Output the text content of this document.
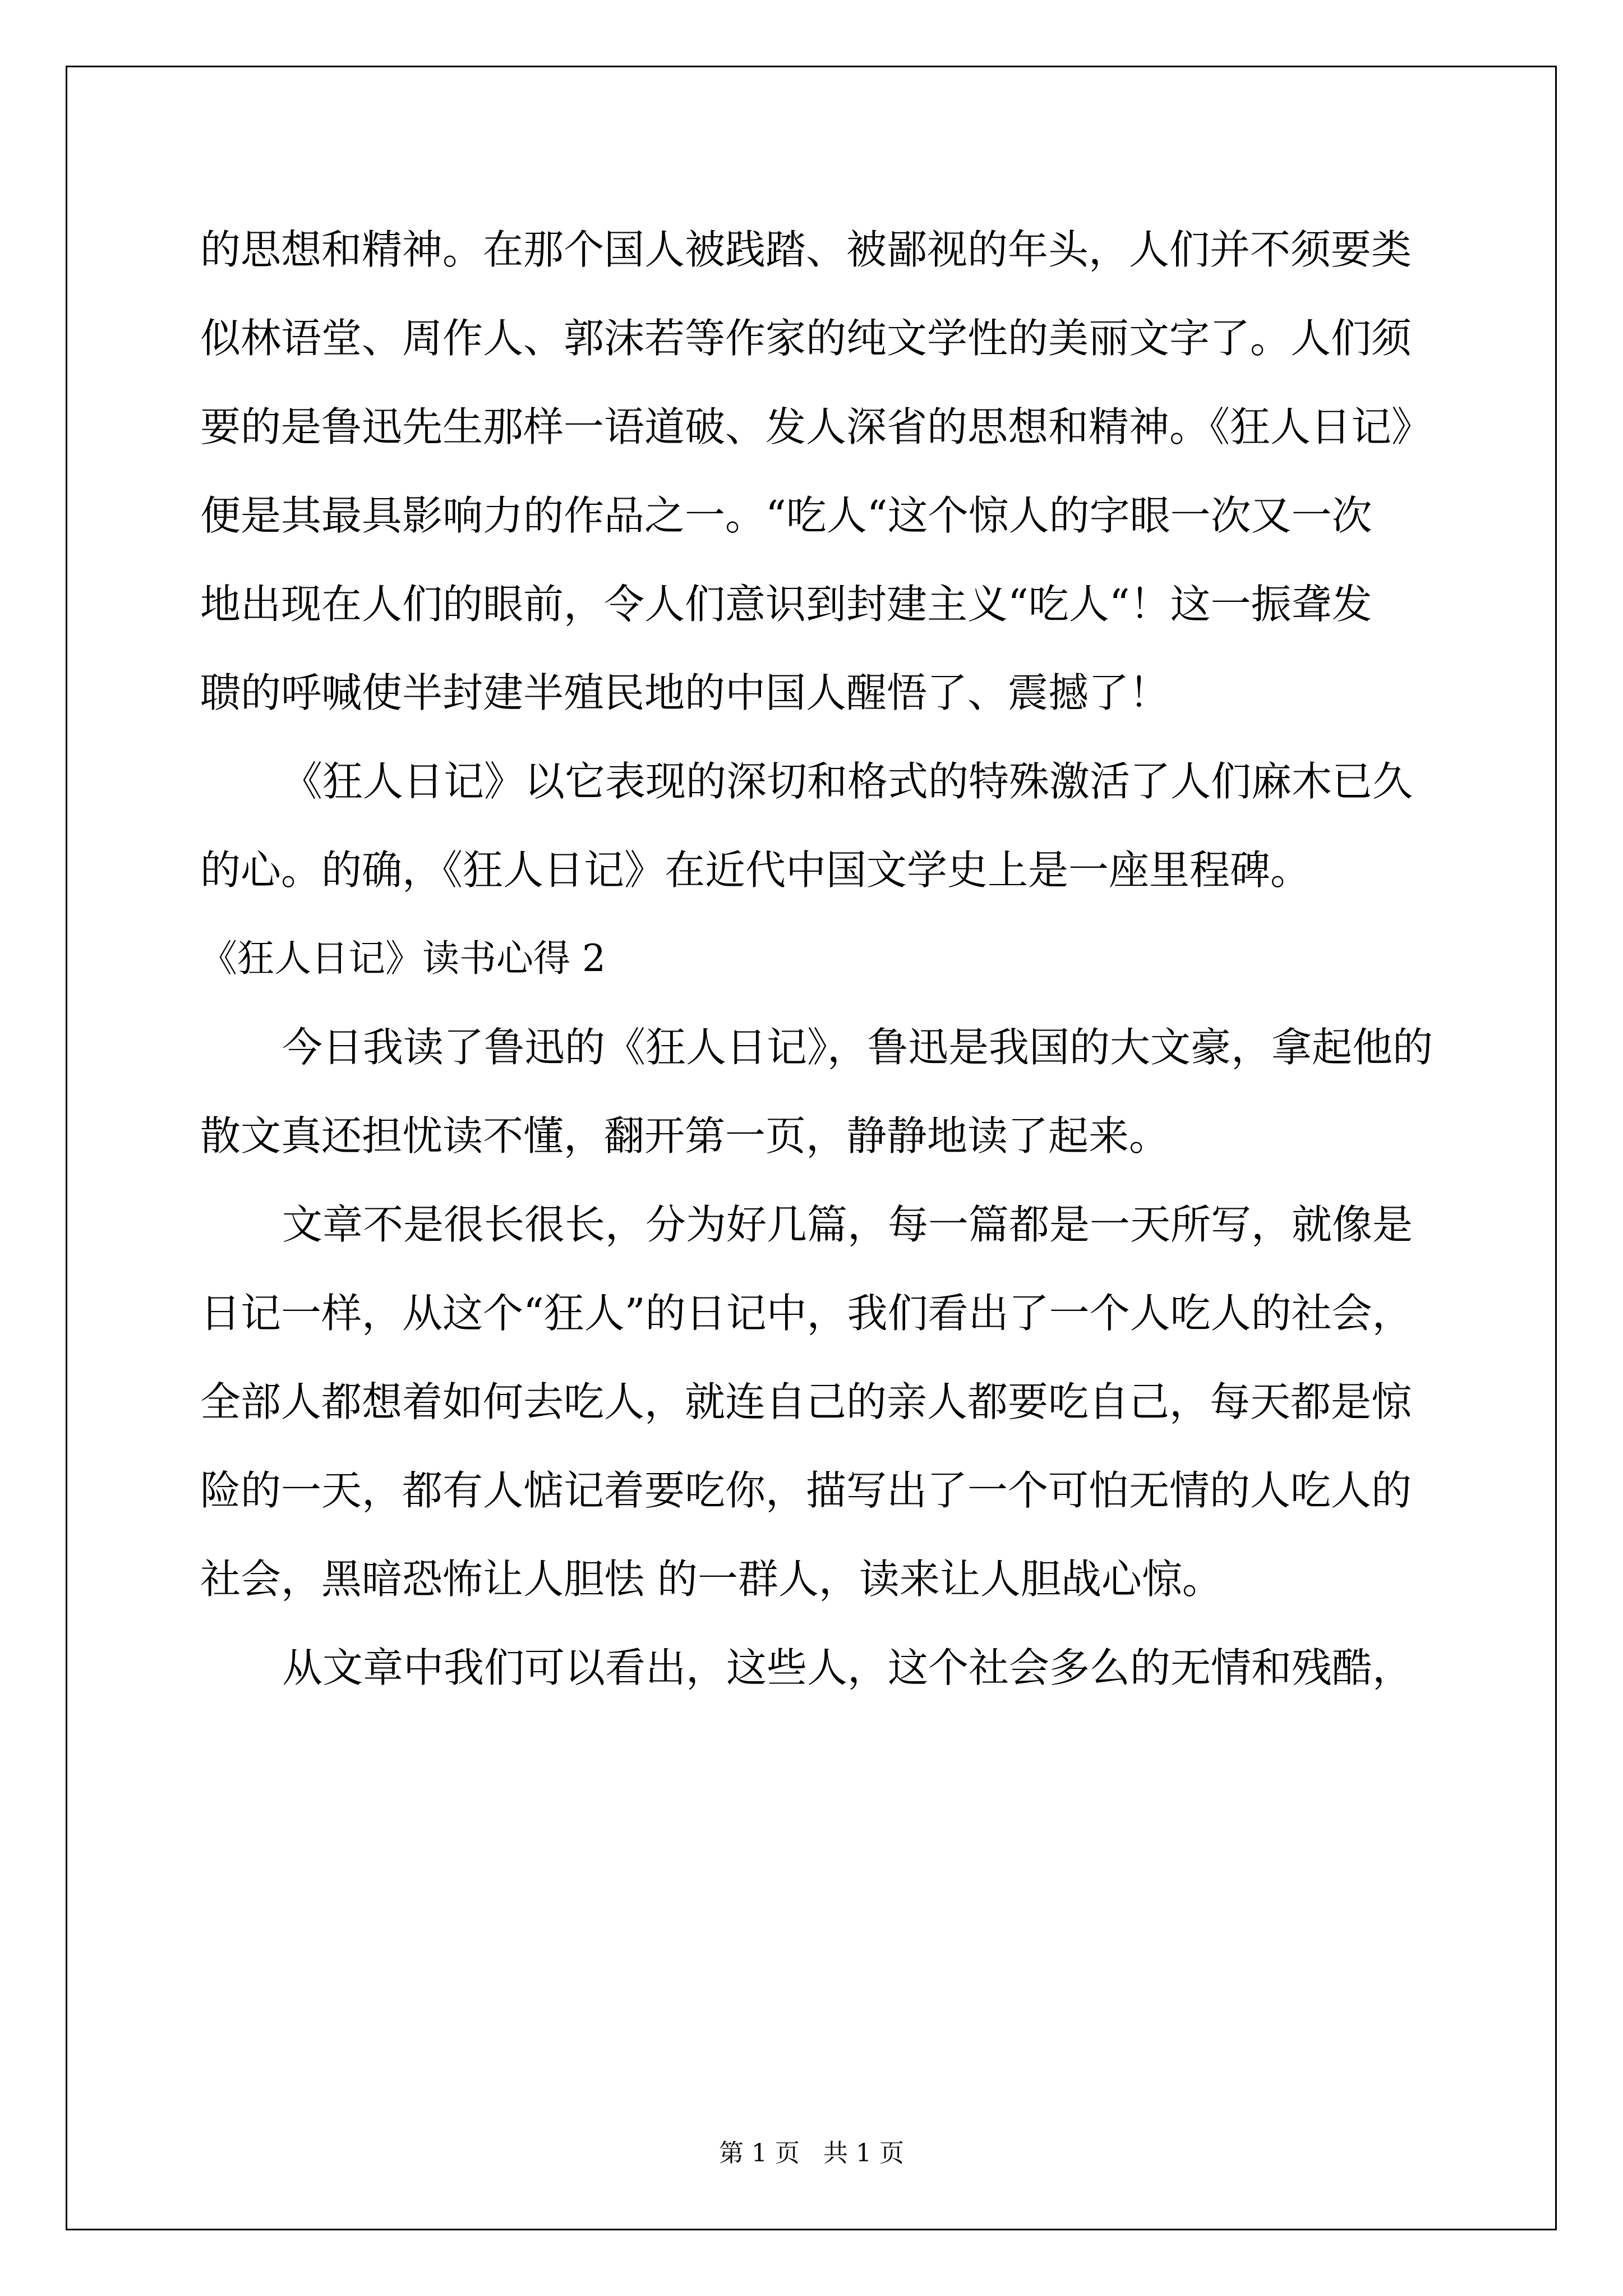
的思想和精神。在那个国人被践踏、被鄙视的年头，人们并不须要类
似林语堂、周作人、郭沫若等作家的纯文学性的美丽文字了。人们须
要的是鲁迅先生那样一语道破、发人深省的思想和精神。《狂人日记》
便是其最具影响力的作品之一。“吃人“这个惊人的字眼一次又一次
地出现在人们的眼前，令人们意识到封建主义“吃人“！这一振聋发
聩的呼喊使半封建半殖民地的中国人醒悟了、震撼了！
《狂人日记》以它表现的深切和格式的特殊激活了人们麻木已久
的心。的确，《狂人日记》在近代中国文学史上是一座里程碑。
《狂人日记》读书心得 2
今日我读了鲁迅的《狂人日记》，鲁迅是我国的大文豪，拿起他的
散文真还担忧读不懂，翻开第一页，静静地读了起来。
文章不是很长很长，分为好几篇，每一篇都是一天所写，就像是
日记一样，从这个“狂人”的日记中，我们看出了一个人吃人的社会，
全部人都想着如何去吃人，就连自己的亲人都要吃自己，每天都是惊
险的一天，都有人惦记着要吃你，描写出了一个可怕无情的人吃人的
社会，黑暗恐怖让人胆怯 的一群人，读来让人胆战心惊。
从文章中我们可以看出，这些人，这个社会多么的无情和残酷，
第 1 页   共 1 页
